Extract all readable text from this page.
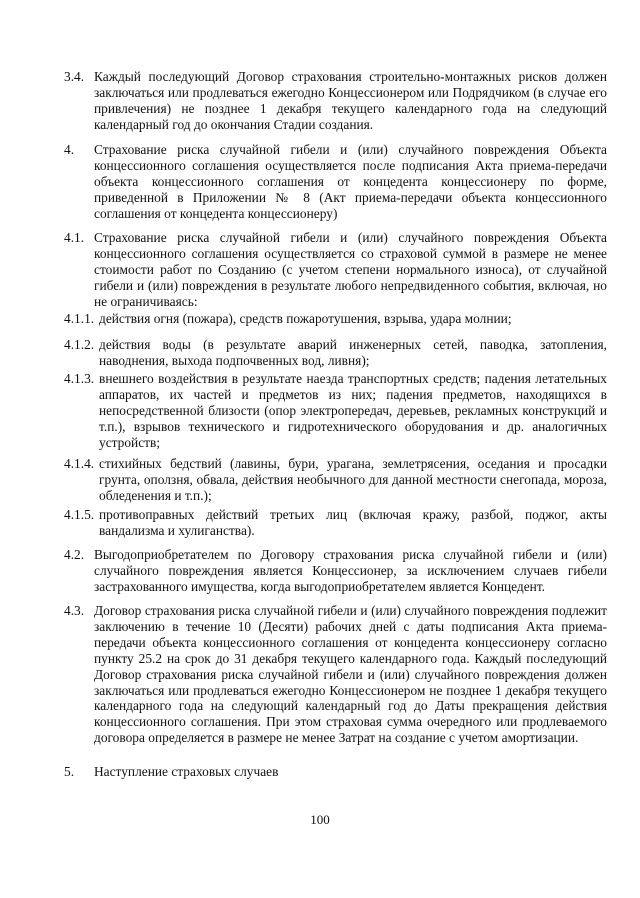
3.4. Каждый последующий Договор страхования строительно-монтажных рисков должен заключаться или продлеваться ежегодно Концессионером или Подрядчиком (в случае его привлечения) не позднее 1 декабря текущего календарного года на следующий календарный год до окончания Стадии создания.

4. Страхование риска случайной гибели и (или) случайного повреждения Объекта концессионного соглашения осуществляется после подписания Акта приема-передачи объекта концессионного соглашения от концедента концессионеру по форме, приведенной в Приложении № 8 (Акт приема-передачи объекта концессионного соглашения от концедента концессионеру)

4.1. Страхование риска случайной гибели и (или) случайного повреждения Объекта концессионного соглашения осуществляется со страховой суммой в размере не менее стоимости работ по Созданию (с учетом степени нормального износа), от случайной гибели и (или) повреждения в результате любого непредвиденного события, включая, но не ограничиваясь:

4.1.1. действия огня (пожара), средств пожаротушения, взрыва, удара молнии;

4.1.2. действия воды (в результате аварий инженерных сетей, паводка, затопления, наводнения, выхода подпочвенных вод, ливня);

4.1.3. внешнего воздействия в результате наезда транспортных средств; падения летательных аппаратов, их частей и предметов из них; падения предметов, находящихся в непосредственной близости (опор электропередач, деревьев, рекламных конструкций и т.п.), взрывов технического и гидротехнического оборудования и др. аналогичных устройств;

4.1.4. стихийных бедствий (лавины, бури, урагана, землетрясения, оседания и просадки грунта, оползня, обвала, действия необычного для данной местности снегопада, мороза, обледенения и т.п.);

4.1.5. противоправных действий третьих лиц (включая кражу, разбой, поджог, акты вандализма и хулиганства).

4.2. Выгодоприобретателем по Договору страхования риска случайной гибели и (или) случайного повреждения является Концессионер, за исключением случаев гибели застрахованного имущества, когда выгодоприобретателем является Концедент.

4.3. Договор страхования риска случайной гибели и (или) случайного повреждения подлежит заключению в течение 10 (Десяти) рабочих дней с даты подписания Акта приема-передачи объекта концессионного соглашения от концедента концессионеру согласно пункту 25.2 на срок до 31 декабря текущего календарного года. Каждый последующий Договор страхования риска случайной гибели и (или) случайного повреждения должен заключаться или продлеваться ежегодно Концессионером не позднее 1 декабря текущего календарного года на следующий календарный год до Даты прекращения действия концессионного соглашения. При этом страховая сумма очередного или продлеваемого договора определяется в размере не менее Затрат на создание с учетом амортизации.

5. Наступление страховых случаев

100
